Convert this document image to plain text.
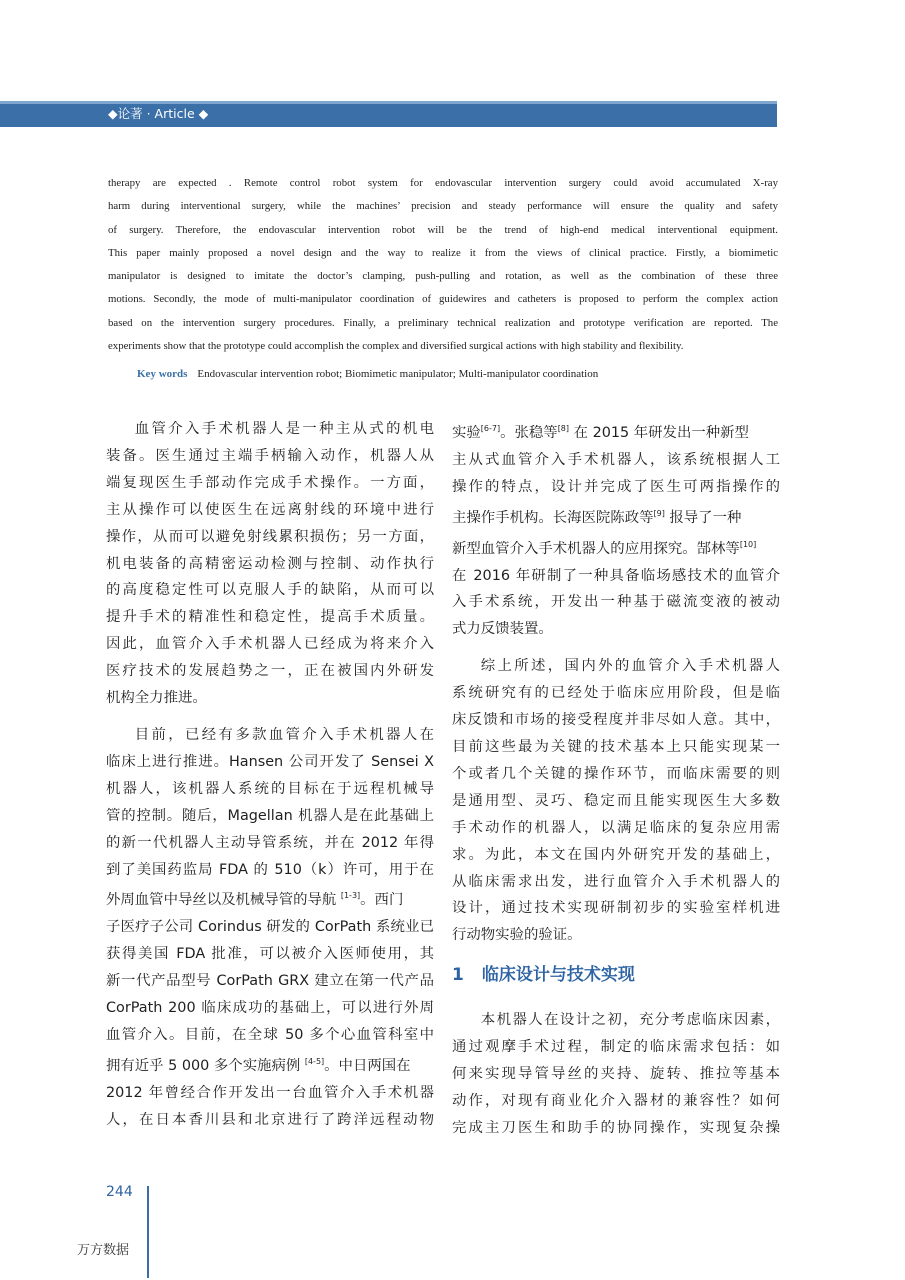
◆论著 · Article ◆
therapy are expected . Remote control robot system for endovascular intervention surgery could avoid accumulated X-ray
harm during interventional surgery, while the machines’ precision and steady performance will ensure the quality and safety
of surgery. Therefore, the endovascular intervention robot will be the trend of high-end medical interventional equipment.
This paper mainly proposed a novel design and the way to realize it from the views of clinical practice. Firstly, a biomimetic
manipulator is designed to imitate the doctor’s clamping, push-pulling and rotation, as well as the combination of these three
motions. Secondly, the mode of multi-manipulator coordination of guidewires and catheters is proposed to perform the complex action
based on the intervention surgery procedures. Finally, a preliminary technical realization and prototype verification are reported. The
experiments show that the prototype could accomplish the complex and diversified surgical actions with high stability and flexibility.
Key words Endovascular intervention robot; Biomimetic manipulator; Multi-manipulator coordination
血管介入手术机器人是一种主从式的机电
装备。医生通过主端手柄输入动作，机器人从
端复现医生手部动作完成手术操作。一方面，
主从操作可以使医生在远离射线的环境中进行
操作，从而可以避免射线累积损伤；另一方面，
机电装备的高精密运动检测与控制、动作执行
的高度稳定性可以克服人手的缺陷，从而可以
提升手术的精准性和稳定性，提高手术质量。
因此，血管介入手术机器人已经成为将来介入
医疗技术的发展趋势之一，正在被国内外研发
机构全力推进。
目前，已经有多款血管介入手术机器人在
临床上进行推进。Hansen 公司开发了 Sensei X
机器人，该机器人系统的目标在于远程机械导
管的控制。随后，Magellan 机器人是在此基础上
的新一代机器人主动导管系统，并在 2012 年得
到了美国药监局 FDA 的 510（k）许可，用于在
外周血管中导丝以及机械导管的导航 [1-3]。西门
子医疗子公司 Corindus 研发的 CorPath 系统业已
获得美国 FDA 批准，可以被介入医师使用，其
新一代产品型号 CorPath GRX 建立在第一代产品
CorPath 200 临床成功的基础上，可以进行外周
血管介入。目前，在全球 50 多个心血管科室中
拥有近乎 5 000 多个实施病例 [4-5]。中日两国在
2012 年曾经合作开发出一台血管介入手术机器
人，在日本香川县和北京进行了跨洋远程动物
实验[6-7]。张稳等[8] 在 2015 年研发出一种新型
主从式血管介入手术机器人，该系统根据人工
操作的特点，设计并完成了医生可两指操作的
主操作手机构。长海医院陈政等[9] 报导了一种
新型血管介入手术机器人的应用探究。郜林等[10]
在 2016 年研制了一种具备临场感技术的血管介
入手术系统，开发出一种基于磁流变液的被动
式力反馈装置。
综上所述，国内外的血管介入手术机器人
系统研究有的已经处于临床应用阶段，但是临
床反馈和市场的接受程度并非尽如人意。其中，
目前这些最为关键的技术基本上只能实现某一
个或者几个关键的操作环节，而临床需要的则
是通用型、灵巧、稳定而且能实现医生大多数
手术动作的机器人，以满足临床的复杂应用需
求。为此，本文在国内外研究开发的基础上，
从临床需求出发，进行血管介入手术机器人的
设计，通过技术实现研制初步的实验室样机进
行动物实验的验证。
1 临床设计与技术实现
本机器人在设计之初，充分考虑临床因素，
通过观摩手术过程，制定的临床需求包括：如
何来实现导管导丝的夹持、旋转、推拉等基本
动作，对现有商业化介入器材的兼容性？如何
完成主刀医生和助手的协同操作，实现复杂操
244
万方数据
